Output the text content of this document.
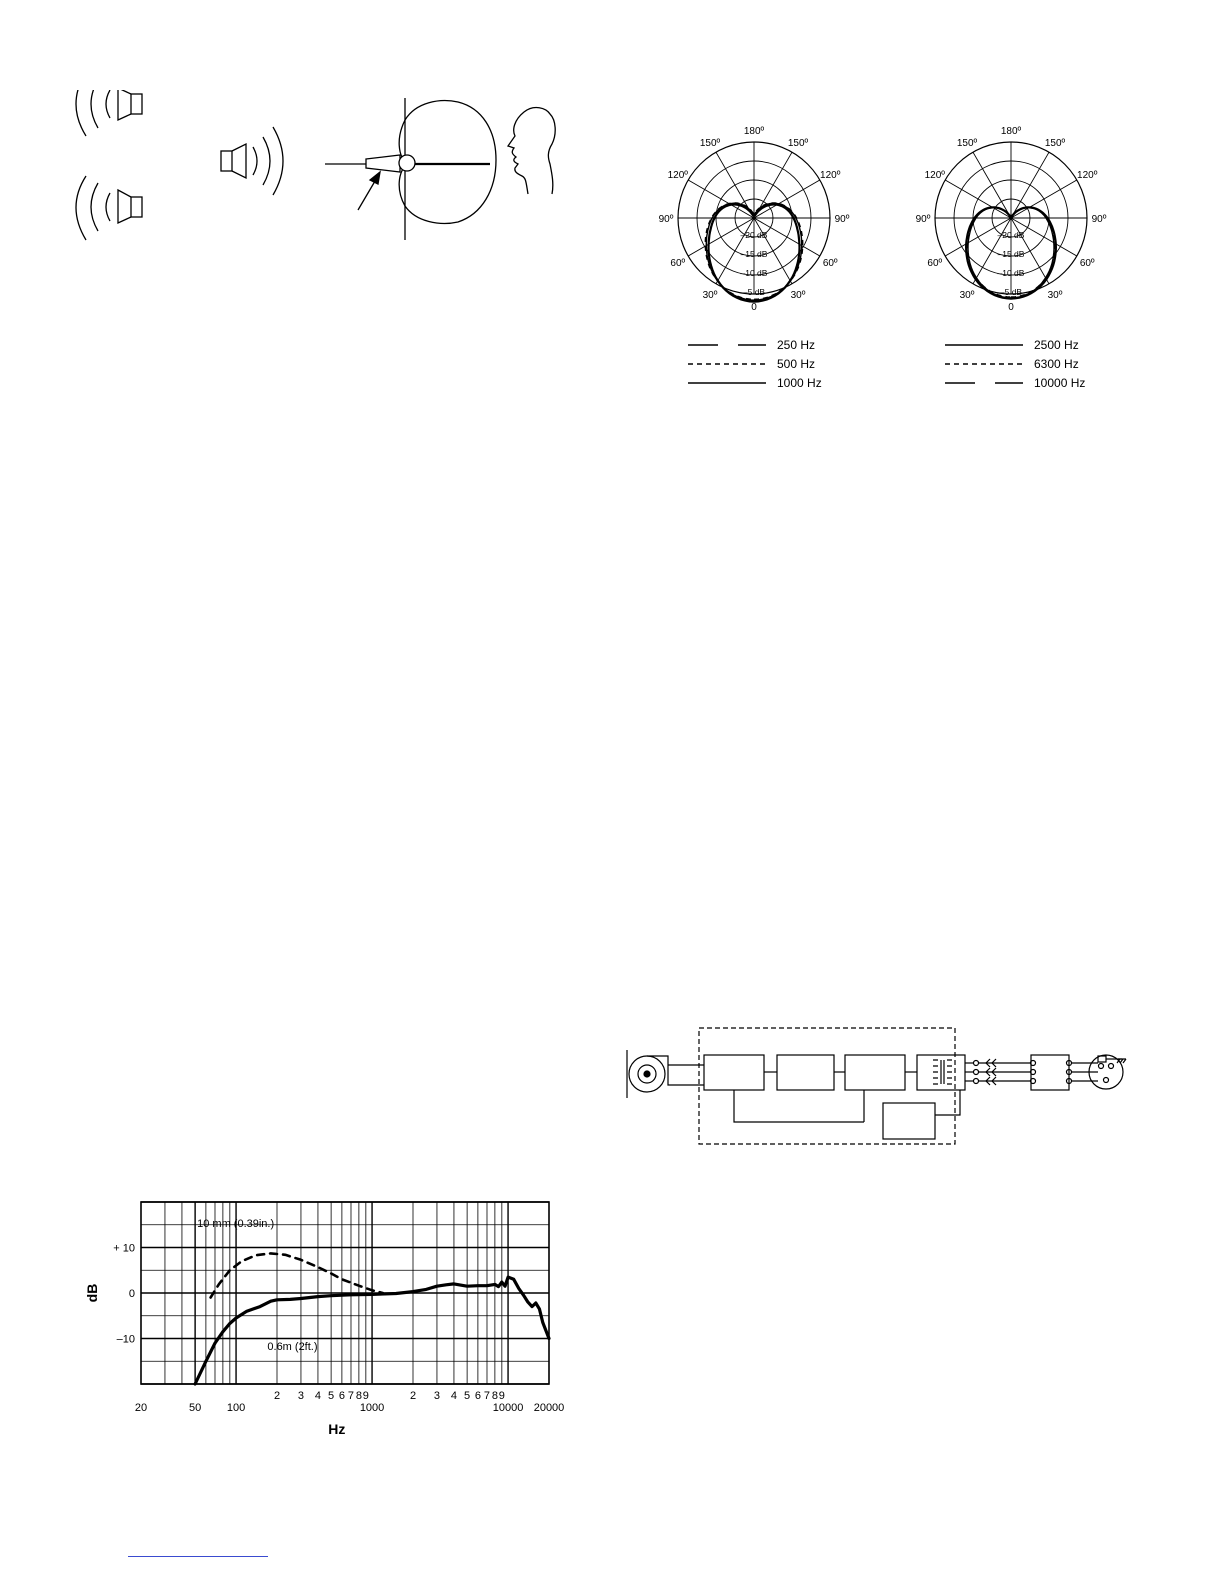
0
30º
60º
90º
120º
150º
180º
150º
120º
90º
60º
30º
–20 dB
–15 dB
–10 dB
–5 dB
250 Hz
500 Hz
1000 Hz
0
30º
60º
90º
120º
150º
180º
150º
120º
90º
60º
30º
–20 dB
–15 dB
–10 dB
–5 dB
2500 Hz
6300 Hz
10000 Hz
+ 10
0
–10
20	50 100
2 3 4 5 6 7 8 9
1000
2 3 4 5 6 7 8 9
10000 20000
Hz
dB
10 mm (0.39in.)
0.6m (2ft.)
